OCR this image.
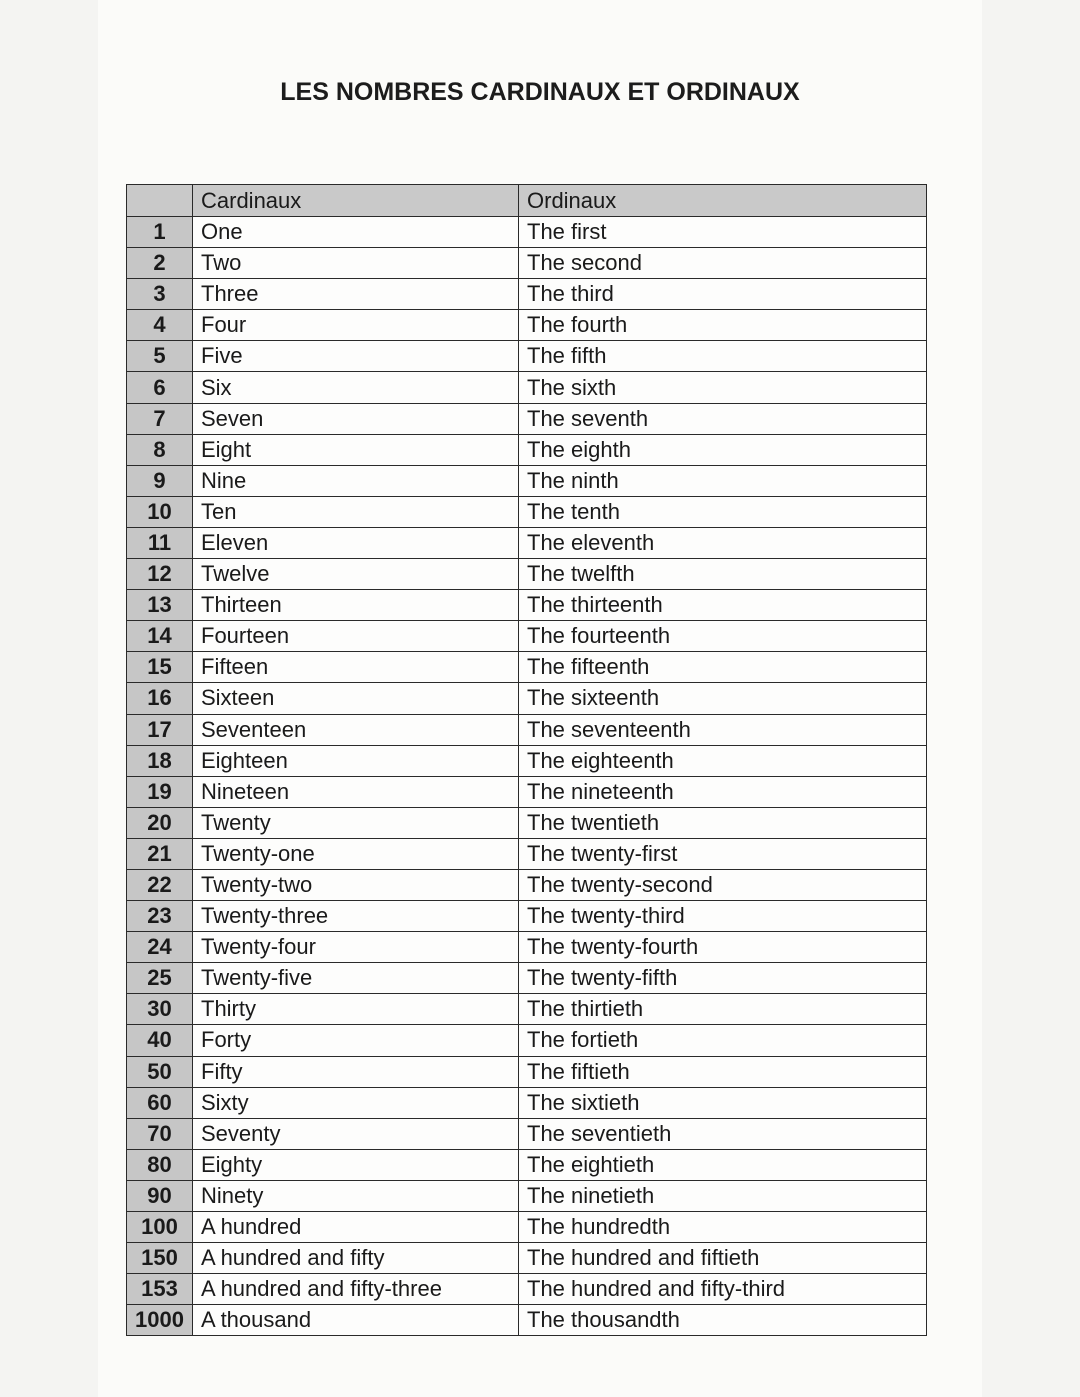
LES NOMBRES CARDINAUX ET ORDINAUX
	Cardinaux	Ordinaux
1	One	The first
2	Two	The second
3	Three	The third
4	Four	The fourth
5	Five	The fifth
6	Six	The sixth
7	Seven	The seventh
8	Eight	The eighth
9	Nine	The ninth
10	Ten	The tenth
11	Eleven	The eleventh
12	Twelve	The twelfth
13	Thirteen	The thirteenth
14	Fourteen	The fourteenth
15	Fifteen	The fifteenth
16	Sixteen	The sixteenth
17	Seventeen	The seventeenth
18	Eighteen	The eighteenth
19	Nineteen	The nineteenth
20	Twenty	The twentieth
21	Twenty-one	The twenty-first
22	Twenty-two	The twenty-second
23	Twenty-three	The twenty-third
24	Twenty-four	The twenty-fourth
25	Twenty-five	The twenty-fifth
30	Thirty	The thirtieth
40	Forty	The fortieth
50	Fifty	The fiftieth
60	Sixty	The sixtieth
70	Seventy	The seventieth
80	Eighty	The eightieth
90	Ninety	The ninetieth
100	A hundred	The hundredth
150	A hundred and fifty	The hundred and fiftieth
153	A hundred and fifty-three	The hundred and fifty-third
1000	A thousand	The thousandth
